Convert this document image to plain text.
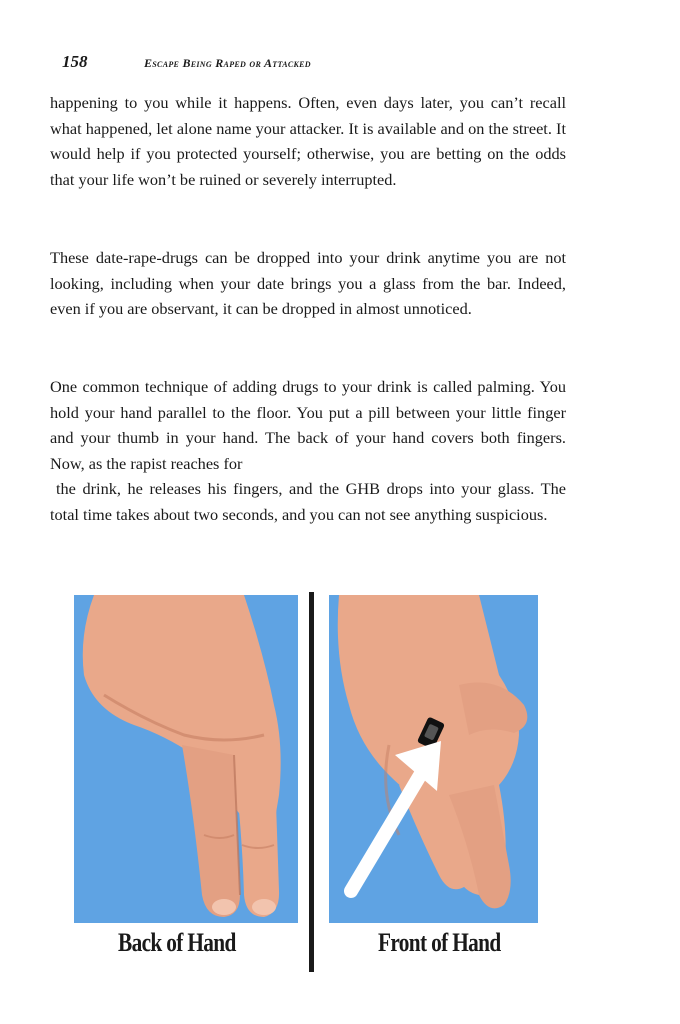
158	Escape Being Raped or Attacked

happening to you while it happens. Often, even days later, you can’t recall what happened, let alone name your attacker. It is available and on the street. It would help if you protected yourself; otherwise, you are betting on the odds that your life won’t be ruined or severely interrupted.

These date-rape-drugs can be dropped into your drink anytime you are not looking, including when your date brings you a glass from the bar. Indeed, even if you are observant, it can be dropped in almost unnoticed.

One common technique of adding drugs to your drink is called palming. You hold your hand parallel to the floor. You put a pill between your little finger and your thumb in your hand. The back of your hand covers both fingers. Now, as the rapist reaches for

the drink, he releases his fingers, and the GHB drops into your glass. The total time takes about two seconds, and you can not see anything suspicious.

Back of Hand	Front of Hand
